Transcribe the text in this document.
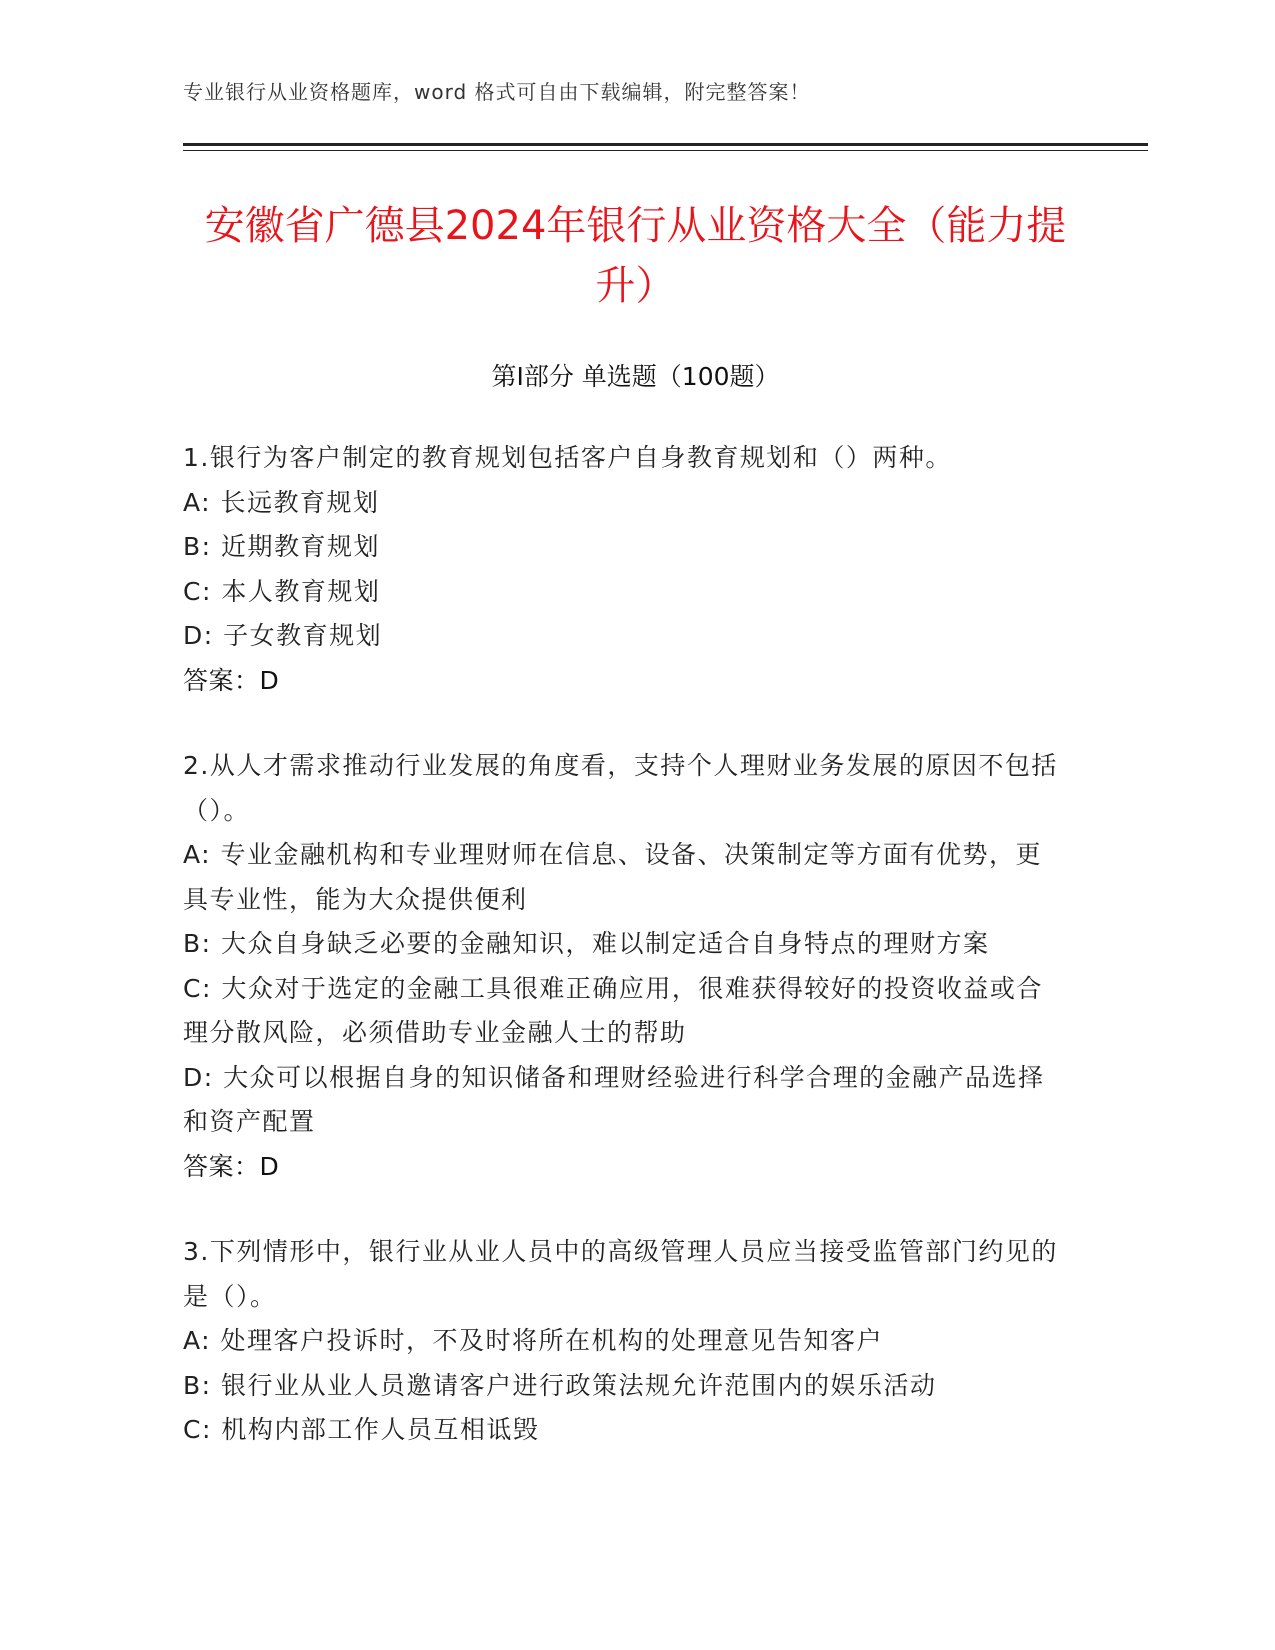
专业银行从业资格题库，word 格式可自由下载编辑，附完整答案！
安徽省广德县2024年银行从业资格大全（能力提升）
第Ⅰ部分 单选题（100题）

1.银行为客户制定的教育规划包括客户自身教育规划和（）两种。

A: 长远教育规划

B: 近期教育规划

C: 本人教育规划

D: 子女教育规划

答案：D

2.从人才需求推动行业发展的角度看，支持个人理财业务发展的原因不包括（）。

A: 专业金融机构和专业理财师在信息、设备、决策制定等方面有优势，更具专业性，能为大众提供便利

B: 大众自身缺乏必要的金融知识，难以制定适合自身特点的理财方案

C: 大众对于选定的金融工具很难正确应用，很难获得较好的投资收益或合理分散风险，必须借助专业金融人士的帮助

D: 大众可以根据自身的知识储备和理财经验进行科学合理的金融产品选择和资产配置

答案：D

3.下列情形中，银行业从业人员中的高级管理人员应当接受监管部门约见的是（）。

A: 处理客户投诉时，不及时将所在机构的处理意见告知客户

B: 银行业从业人员邀请客户进行政策法规允许范围内的娱乐活动

C: 机构内部工作人员互相诋毁
